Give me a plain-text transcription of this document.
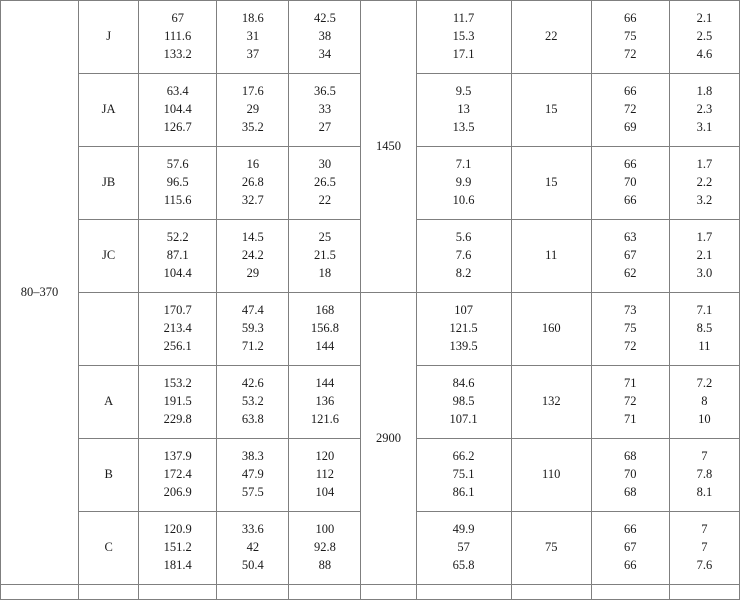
80–370	J	67
111.6
133.2	18.6
31
37	42.5
38
34	1450	11.7
15.3
17.1	22	66
75
72	2.1
2.5
4.6

	JA	63.4
104.4
126.7	17.6
29
35.2	36.5
33
27		9.5
13
13.5	15	66
72
69	1.8
2.3
3.1

	JB	57.6
96.5
115.6	16
26.8
32.7	30
26.5
22		7.1
9.9
10.6	15	66
70
66	1.7
2.2
3.2

	JC	52.2
87.1
104.4	14.5
24.2
29	25
21.5
18		5.6
7.6
8.2	11	63
67
62	1.7
2.1
3.0

		170.7
213.4
256.1	47.4
59.3
71.2	168
156.8
144	2900	107
121.5
139.5	160	73
75
72	7.1
8.5
11

	A	153.2
191.5
229.8	42.6
53.2
63.8	144
136
121.6		84.6
98.5
107.1	132	71
72
71	7.2
8
10

	B	137.9
172.4
206.9	38.3
47.9
57.5	120
112
104		66.2
75.1
86.1	110	68
70
68	7
7.8
8.1

	C	120.9
151.2
181.4	33.6
42
50.4	100
92.8
88		49.9
57
65.8	75	66
67
66	7
7
7.6
